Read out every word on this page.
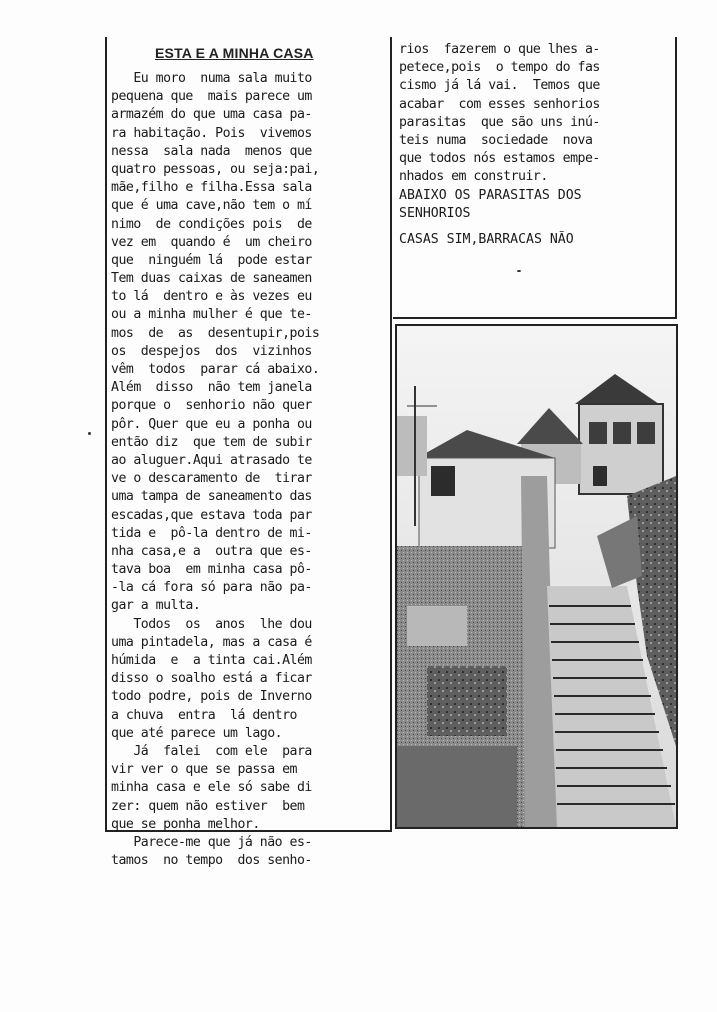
ESTA E A MINHA CASA
Eu moro  numa sala muito
pequena que  mais parece um
armazém do que uma casa pa-
ra habitação. Pois  vivemos
nessa  sala nada  menos que
quatro pessoas, ou seja:pai,
mãe,filho e filha.Essa sala
que é uma cave,não tem o mí
nimo  de condições pois  de
vez em  quando é  um cheiro
que  ninguém lá  pode estar
Tem duas caixas de saneamen
to lá  dentro e às vezes eu
ou a minha mulher é que te-
mos  de  as  desentupir,pois
os  despejos  dos  vizinhos
vêm  todos  parar cá abaixo.
Além  disso  não tem janela
porque o  senhorio não quer
pôr. Quer que eu a ponha ou
então diz  que tem de subir
ao aluguer.Aqui atrasado te
ve o descaramento de  tirar
uma tampa de saneamento das
escadas,que estava toda par
tida e  pô-la dentro de mi-
nha casa,e a  outra que es-
tava boa  em minha casa pô-
-la cá fora só para não pa-
gar a multa.
Todos  os  anos  lhe dou
uma pintadela, mas a casa é
húmida  e  a tinta cai.Além
disso o soalho está a ficar
todo podre, pois de Inverno
a chuva  entra  lá dentro
que até parece um lago.
Já  falei  com ele  para
vir ver o que se passa em
minha casa e ele só sabe di
zer: quem não estiver  bem
que se ponha melhor.
Parece-me que já não es-
tamos  no tempo  dos senho-
rios  fazerem o que lhes a-
petece,pois  o tempo do fas
cismo já lá vai.  Temos que
acabar  com esses senhorios
parasitas  que são uns inú-
teis numa  sociedade  nova
que todos nós estamos empe-
nhados em construir.
ABAIXO OS PARASITAS DOS
SENHORIOS
CASAS SIM,BARRACAS NÃO
